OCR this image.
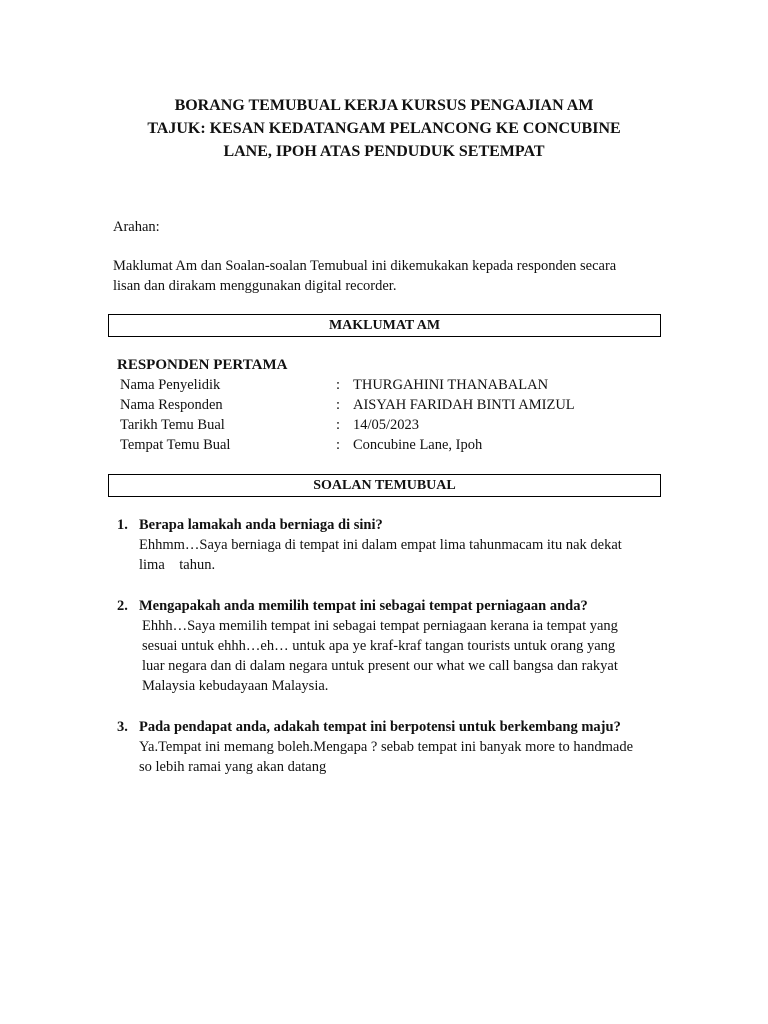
BORANG TEMUBUAL KERJA KURSUS PENGAJIAN AM
TAJUK: KESAN KEDATANGAM PELANCONG KE CONCUBINE
LANE, IPOH ATAS PENDUDUK SETEMPAT
Arahan:
Maklumat Am dan Soalan-soalan Temubual ini dikemukakan kepada responden secara
lisan dan dirakam menggunakan digital recorder.
MAKLUMAT AM
RESPONDEN PERTAMA
Nama Penyelidik	: THURGAHINI THANABALAN
Nama Responden	: AISYAH FARIDAH BINTI AMIZUL
Tarikh Temu Bual	: 14/05/2023
Tempat Temu Bual	: Concubine Lane, Ipoh
SOALAN TEMUBUAL
1. Berapa lamakah anda berniaga di sini?
Ehhmm…Saya berniaga di tempat ini dalam empat lima tahunmacam itu nak dekat
lima    tahun.
2. Mengapakah anda memilih tempat ini sebagai tempat perniagaan anda?
Ehhh…Saya memilih tempat ini sebagai tempat perniagaan kerana ia tempat yang
sesuai untuk ehhh…eh… untuk apa ye kraf-kraf tangan tourists untuk orang yang
luar negara dan di dalam negara untuk present our what we call bangsa dan rakyat
Malaysia kebudayaan Malaysia.
3. Pada pendapat anda, adakah tempat ini berpotensi untuk berkembang maju?
Ya.Tempat ini memang boleh.Mengapa ? sebab tempat ini banyak more to handmade
so lebih ramai yang akan datang
